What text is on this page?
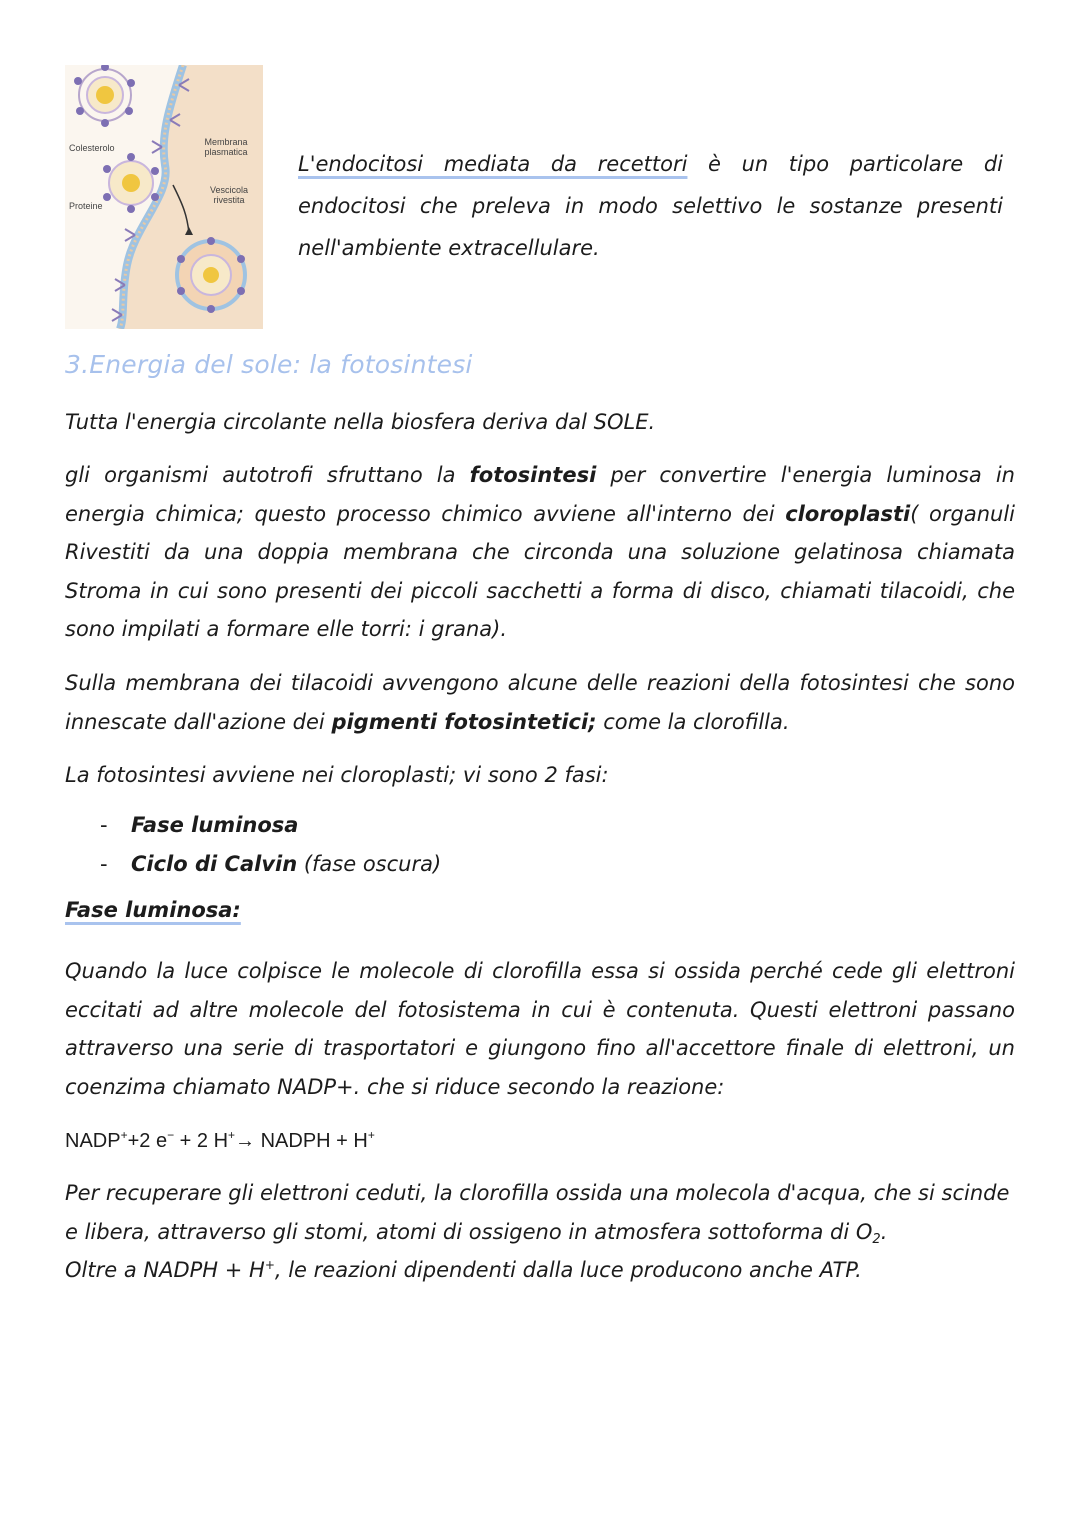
Colesterolo
Proteine
Membrana plasmatica
Vescicola rivestita
L'endocitosi mediata da recettori è un tipo particolare di endocitosi che preleva in modo selettivo le sostanze presenti nell'ambiente extracellulare.
3.Energia del sole: la fotosintesi
Tutta l'energia circolante nella biosfera deriva dal SOLE.
gli organismi autotrofi sfruttano la fotosintesi per convertire l'energia luminosa in energia chimica; questo processo chimico avviene all'interno dei cloroplasti( organuli Rivestiti da una doppia membrana che circonda una soluzione gelatinosa chiamata Stroma in cui sono presenti dei piccoli sacchetti a forma di disco, chiamati tilacoidi, che sono impilati a formare elle torri: i grana).
Sulla membrana dei tilacoidi avvengono alcune delle reazioni della fotosintesi che sono innescate dall'azione dei pigmenti fotosintetici; come la clorofilla.
La fotosintesi avviene nei cloroplasti; vi sono 2 fasi:
- Fase luminosa
- Ciclo di Calvin (fase oscura)
Fase luminosa:
Quando la luce colpisce le molecole di clorofilla essa si ossida perché cede gli elettroni eccitati ad altre molecole del fotosistema in cui è contenuta. Questi elettroni passano attraverso una serie di trasportatori e giungono fino all'accettore finale di elettroni, un coenzima chiamato NADP+. che si riduce secondo la reazione:
NADP++2 e− + 2 H+→ NADPH + H+
Per recuperare gli elettroni ceduti, la clorofilla ossida una molecola d'acqua, che si scinde e libera, attraverso gli stomi, atomi di ossigeno in atmosfera sottoforma di $O_2$.
Oltre a NADPH + H+, le reazioni dipendenti dalla luce producono anche ATP.
